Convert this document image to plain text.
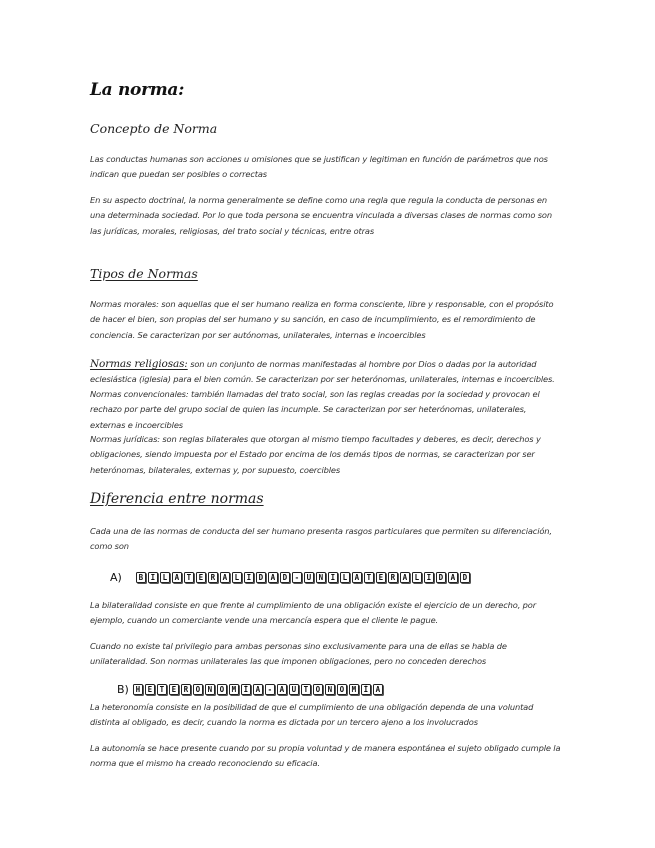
La norma:
Concepto de Norma
Las conductas humanas son acciones u omisiones que se justifican y legitiman en función de parámetros que nos indican que puedan ser posibles o correctas
En su aspecto doctrinal, la norma generalmente se define como una regla que regula la conducta de personas en una determinada sociedad. Por lo que toda persona se encuentra vinculada a diversas clases de normas como son las jurídicas, morales, religiosas, del trato social y técnicas, entre otras
Tipos de Normas
Normas morales: son aquellas que el ser humano realiza en forma consciente, libre y responsable, con el propósito de hacer el bien, son propias del ser humano y su sanción, en caso de incumplimiento, es el remordimiento de conciencia. Se caracterizan por ser autónomas, unilaterales, internas e incoercibles
Normas religiosas: son un conjunto de normas manifestadas al hombre por Dios o dadas por la autoridad eclesiástica (iglesia) para el bien común. Se caracterizan por ser heterónomas, unilaterales, internas e incoercibles.
Normas convencionales: también llamadas del trato social, son las reglas creadas por la sociedad y provocan el rechazo por parte del grupo social de quien las incumple. Se caracterizan por ser heterónomas, unilaterales, externas e incoercibles
Normas jurídicas: son reglas bilaterales que otorgan al mismo tiempo facultades y deberes, es decir, derechos y obligaciones, siendo impuesta por el Estado por encima de los demás tipos de normas, se caracterizan por ser heterónomas, bilaterales, externas y, por supuesto, coercibles
Diferencia entre normas
Cada una de las normas de conducta del ser humano presenta rasgos particulares que permiten su diferenciación, como son
A)	B I L A T E R A L I D A D - U N I L A T E R A L I D A D
La bilateralidad consiste en que frente al cumplimiento de una obligación existe el ejercicio de un derecho, por ejemplo, cuando un comerciante vende una mercancía espera que el cliente le pague.
Cuando no existe tal privilegio para ambas personas sino exclusivamente para una de ellas se habla de unilateralidad. Son normas unilaterales las que imponen obligaciones, pero no conceden derechos
B) H E T E R O N O M Í A - A U T O N O M Í A
La heteronomía consiste en la posibilidad de que el cumplimiento de una obligación dependa de una voluntad distinta al obligado, es decir, cuando la norma es dictada por un tercero ajeno a los involucrados
La autonomía se hace presente cuando por su propia voluntad y de manera espontánea el sujeto obligado cumple la norma que el mismo ha creado reconociendo su eficacia.
